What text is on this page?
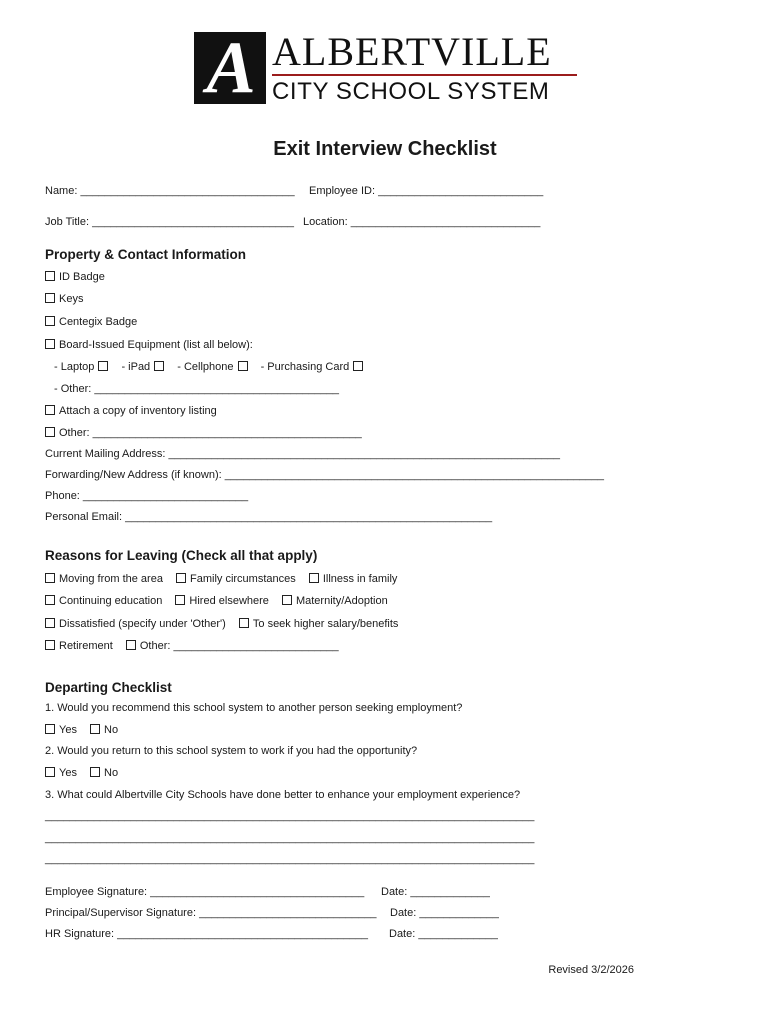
A ALBERTVILLE
CITY SCHOOL SYSTEM
Exit Interview Checklist
Name: ___________________________________ Employee ID: ___________________________
Job Title: _________________________________ Location: _______________________________
Property & Contact Information
ID Badge
Keys
Centegix Badge
Board-Issued Equipment (list all below):
- Laptop - iPad - Cellphone - Purchasing Card
- Other: ________________________________________
Attach a copy of inventory listing
Other: ____________________________________________
Current Mailing Address: ________________________________________________________________
Forwarding/New Address (if known): ______________________________________________________________
Phone: ___________________________
Personal Email: ____________________________________________________________
Reasons for Leaving (Check all that apply)
Moving from the area Family circumstances Illness in family
Continuing education Hired elsewhere Maternity/Adoption
Dissatisfied (specify under 'Other') To seek higher salary/benefits
Retirement Other: ___________________________
Departing Checklist
1. Would you recommend this school system to another person seeking employment?
Yes No
2. Would you return to this school system to work if you had the opportunity?
Yes No
3. What could Albertville City Schools have done better to enhance your employment experience?
________________________________________________________________________________
________________________________________________________________________________
________________________________________________________________________________
Employee Signature: ___________________________________ Date: _____________
Principal/Supervisor Signature: _____________________________ Date: _____________
HR Signature: _________________________________________ Date: _____________
Revised 3/2/2026
